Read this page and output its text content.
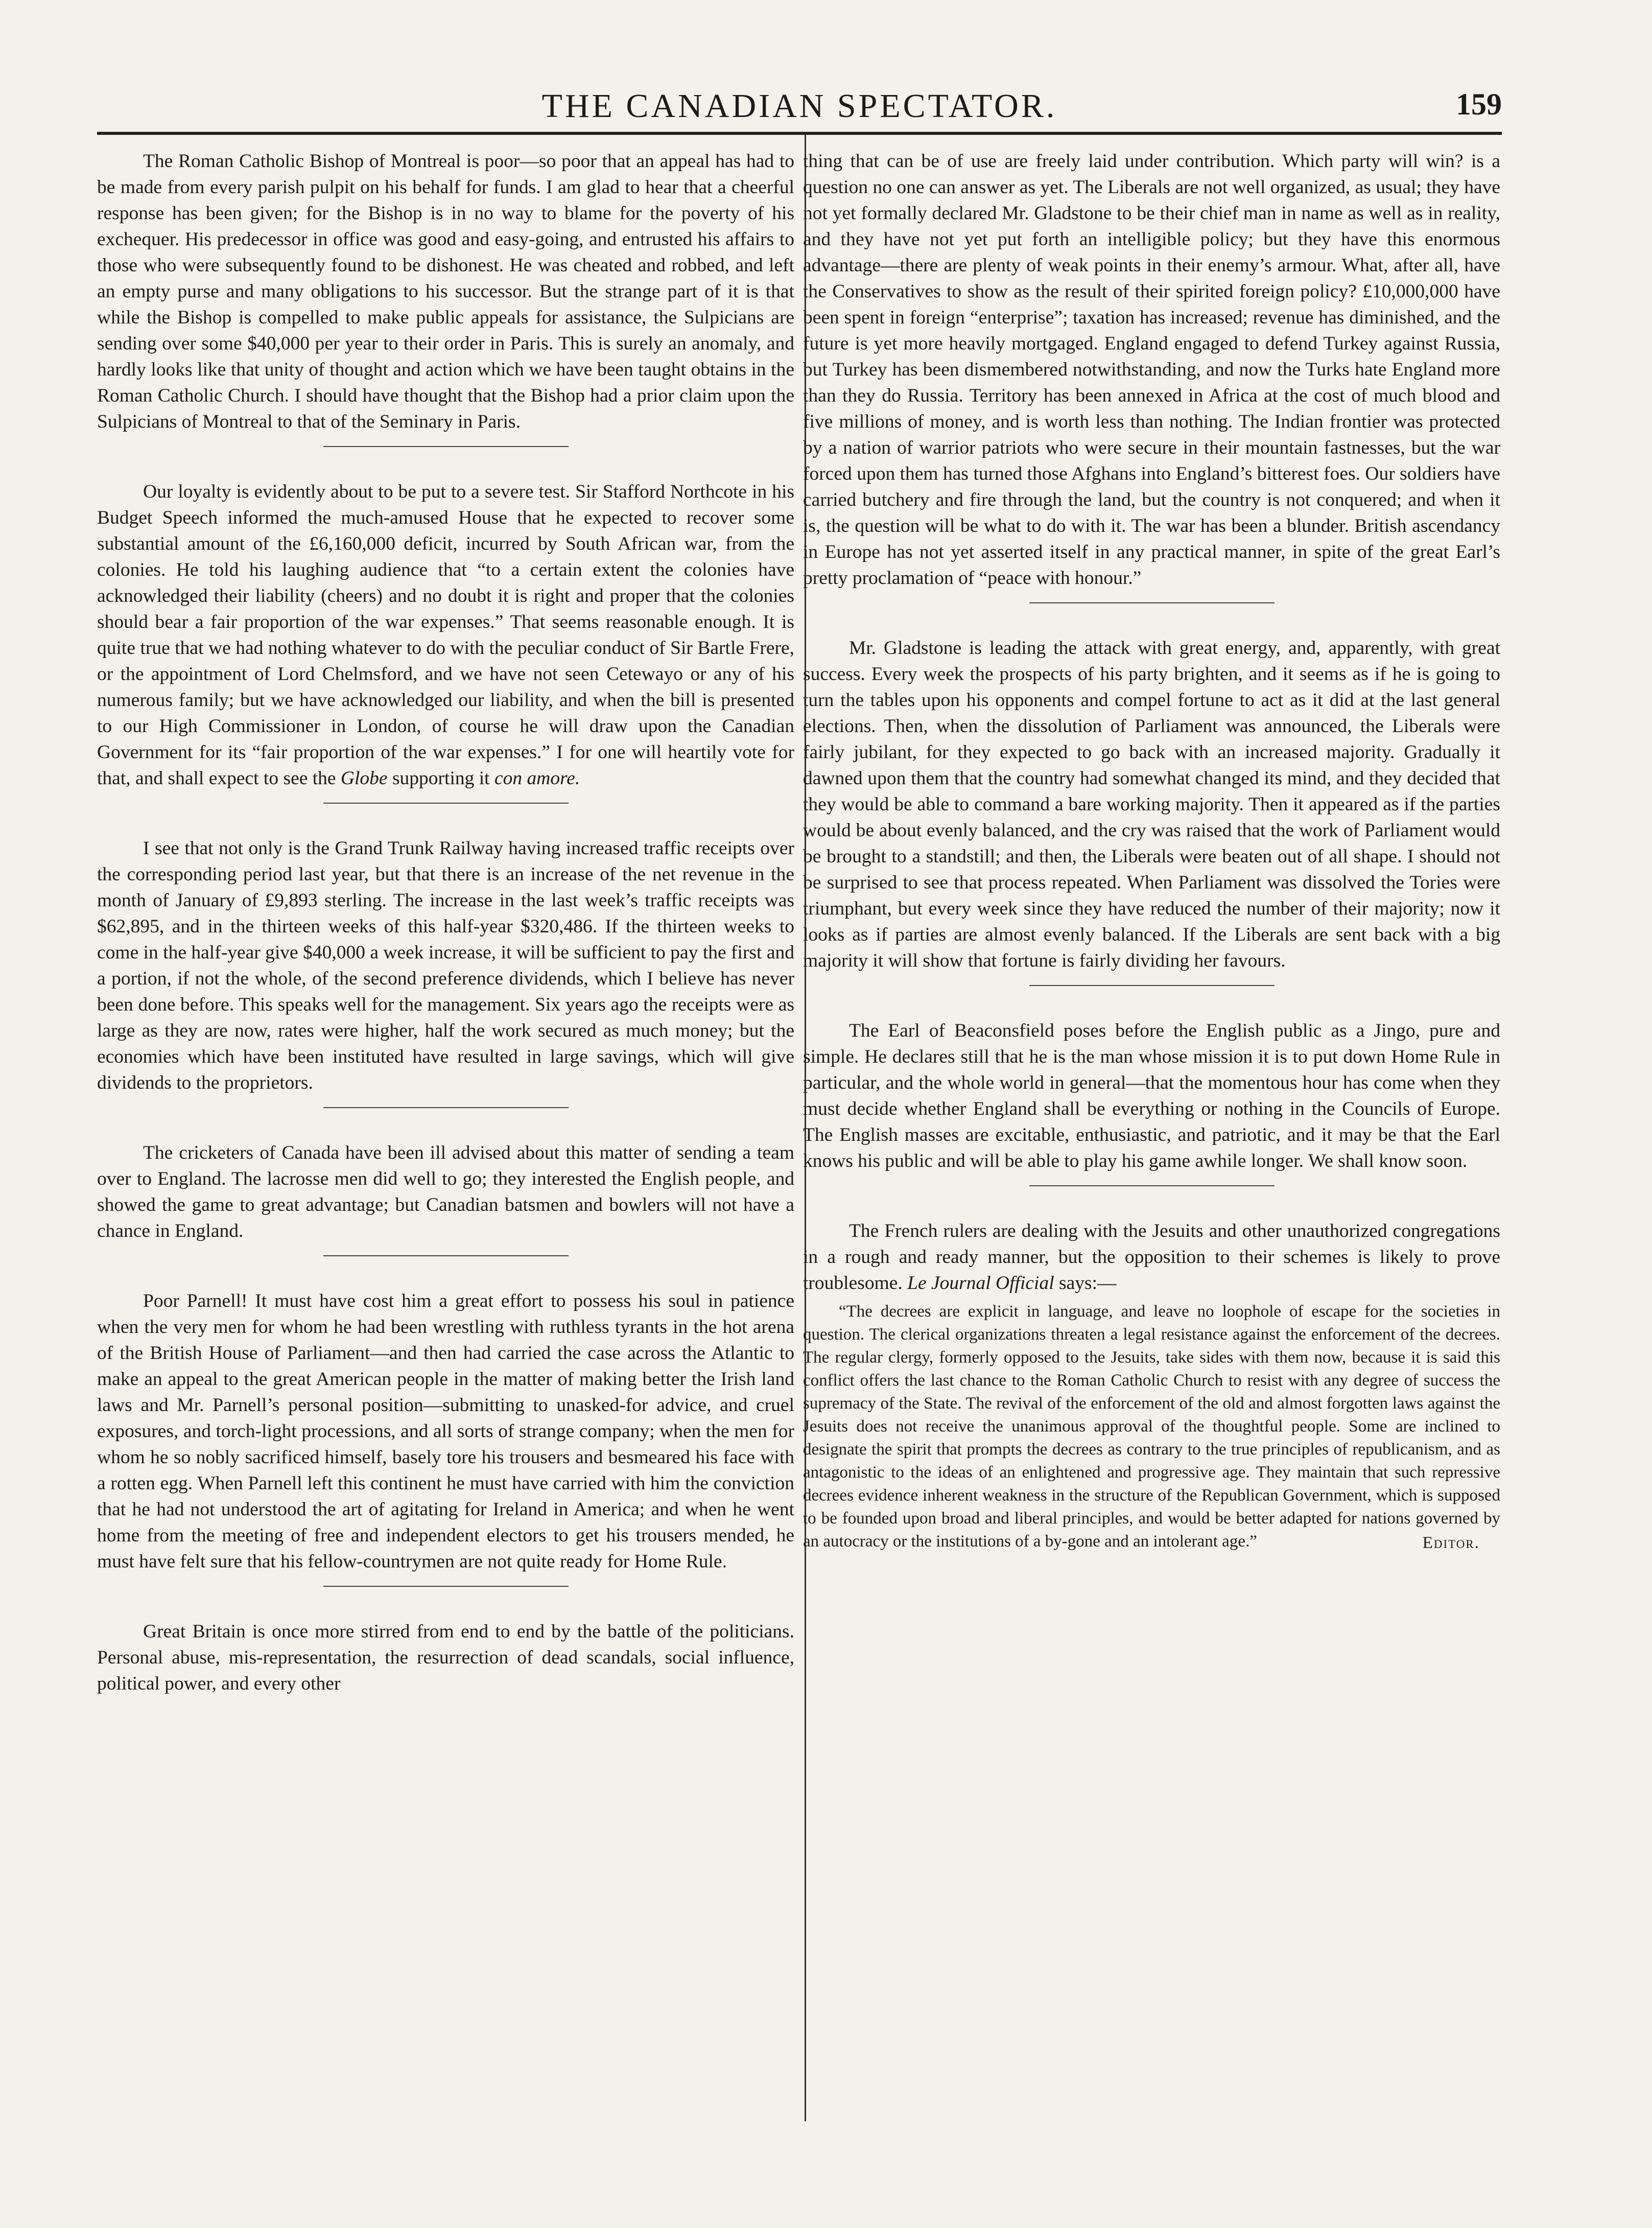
THE CANADIAN SPECTATOR.	159

The Roman Catholic Bishop of Montreal is poor—so poor that an appeal has had to be made from every parish pulpit on his behalf for funds. I am glad to hear that a cheerful response has been given; for the Bishop is in no way to blame for the poverty of his exchequer. His predecessor in office was good and easy-going, and entrusted his affairs to those who were subsequently found to be dishonest. He was cheated and robbed, and left an empty purse and many obligations to his successor. But the strange part of it is that while the Bishop is compelled to make public appeals for assistance, the Sulpicians are sending over some $40,000 per year to their order in Paris. This is surely an anomaly, and hardly looks like that unity of thought and action which we have been taught obtains in the Roman Catholic Church. I should have thought that the Bishop had a prior claim upon the Sulpicians of Montreal to that of the Seminary in Paris.

Our loyalty is evidently about to be put to a severe test. Sir Stafford Northcote in his Budget Speech informed the much-amused House that he expected to recover some substantial amount of the £6,160,000 deficit, incurred by South African war, from the colonies. He told his laughing audience that “to a certain extent the colonies have acknowledged their liability (cheers) and no doubt it is right and proper that the colonies should bear a fair proportion of the war expenses.” That seems reasonable enough. It is quite true that we had nothing whatever to do with the peculiar conduct of Sir Bartle Frere, or the appointment of Lord Chelmsford, and we have not seen Cetewayo or any of his numerous family; but we have acknowledged our liability, and when the bill is presented to our High Commissioner in London, of course he will draw upon the Canadian Government for its “fair proportion of the war expenses.” I for one will heartily vote for that, and shall expect to see the Globe supporting it con amore.

I see that not only is the Grand Trunk Railway having increased traffic receipts over the corresponding period last year, but that there is an increase of the net revenue in the month of January of £9,893 sterling. The increase in the last week’s traffic receipts was $62,895, and in the thirteen weeks of this half-year $320,486. If the thirteen weeks to come in the half-year give $40,000 a week increase, it will be sufficient to pay the first and a portion, if not the whole, of the second preference dividends, which I believe has never been done before. This speaks well for the management. Six years ago the receipts were as large as they are now, rates were higher, half the work secured as much money; but the economies which have been instituted have resulted in large savings, which will give dividends to the proprietors.

The cricketers of Canada have been ill advised about this matter of sending a team over to England. The lacrosse men did well to go; they interested the English people, and showed the game to great advantage; but Canadian batsmen and bowlers will not have a chance in England.

Poor Parnell! It must have cost him a great effort to possess his soul in patience when the very men for whom he had been wrestling with ruthless tyrants in the hot arena of the British House of Parliament—and then had carried the case across the Atlantic to make an appeal to the great American people in the matter of making better the Irish land laws and Mr. Parnell’s personal position—submitting to unasked-for advice, and cruel exposures, and torch-light processions, and all sorts of strange company; when the men for whom he so nobly sacrificed himself, basely tore his trousers and besmeared his face with a rotten egg. When Parnell left this continent he must have carried with him the conviction that he had not understood the art of agitating for Ireland in America; and when he went home from the meeting of free and independent electors to get his trousers mended, he must have felt sure that his fellow-countrymen are not quite ready for Home Rule.

Great Britain is once more stirred from end to end by the battle of the politicians. Personal abuse, mis-representation, the resurrection of dead scandals, social influence, political power, and every other

thing that can be of use are freely laid under contribution. Which party will win? is a question no one can answer as yet. The Liberals are not well organized, as usual; they have not yet formally declared Mr. Gladstone to be their chief man in name as well as in reality, and they have not yet put forth an intelligible policy; but they have this enormous advantage—there are plenty of weak points in their enemy’s armour. What, after all, have the Conservatives to show as the result of their spirited foreign policy? £10,000,000 have been spent in foreign “enterprise”; taxation has increased; revenue has diminished, and the future is yet more heavily mortgaged. England engaged to defend Turkey against Russia, but Turkey has been dismembered notwithstanding, and now the Turks hate England more than they do Russia. Territory has been annexed in Africa at the cost of much blood and five millions of money, and is worth less than nothing. The Indian frontier was protected by a nation of warrior patriots who were secure in their mountain fastnesses, but the war forced upon them has turned those Afghans into England’s bitterest foes. Our soldiers have carried butchery and fire through the land, but the country is not conquered; and when it is, the question will be what to do with it. The war has been a blunder. British ascendancy in Europe has not yet asserted itself in any practical manner, in spite of the great Earl’s pretty proclamation of “peace with honour.”

Mr. Gladstone is leading the attack with great energy, and, apparently, with great success. Every week the prospects of his party brighten, and it seems as if he is going to turn the tables upon his opponents and compel fortune to act as it did at the last general elections. Then, when the dissolution of Parliament was announced, the Liberals were fairly jubilant, for they expected to go back with an increased majority. Gradually it dawned upon them that the country had somewhat changed its mind, and they decided that they would be able to command a bare working majority. Then it appeared as if the parties would be about evenly balanced, and the cry was raised that the work of Parliament would be brought to a standstill; and then, the Liberals were beaten out of all shape. I should not be surprised to see that process repeated. When Parliament was dissolved the Tories were triumphant, but every week since they have reduced the number of their majority; now it looks as if parties are almost evenly balanced. If the Liberals are sent back with a big majority it will show that fortune is fairly dividing her favours.

The Earl of Beaconsfield poses before the English public as a Jingo, pure and simple. He declares still that he is the man whose mission it is to put down Home Rule in particular, and the whole world in general—that the momentous hour has come when they must decide whether England shall be everything or nothing in the Councils of Europe. The English masses are excitable, enthusiastic, and patriotic, and it may be that the Earl knows his public and will be able to play his game awhile longer. We shall know soon.

The French rulers are dealing with the Jesuits and other unauthorized congregations in a rough and ready manner, but the opposition to their schemes is likely to prove troublesome. Le Journal Official says:—

“The decrees are explicit in language, and leave no loophole of escape for the societies in question. The clerical organizations threaten a legal resistance against the enforcement of the decrees. The regular clergy, formerly opposed to the Jesuits, take sides with them now, because it is said this conflict offers the last chance to the Roman Catholic Church to resist with any degree of success the supremacy of the State. The revival of the enforcement of the old and almost forgotten laws against the Jesuits does not receive the unanimous approval of the thoughtful people. Some are inclined to designate the spirit that prompts the decrees as contrary to the true principles of republicanism, and as antagonistic to the ideas of an enlightened and progressive age. They maintain that such repressive decrees evidence inherent weakness in the structure of the Republican Government, which is supposed to be founded upon broad and liberal principles, and would be better adapted for nations governed by an autocracy or the institutions of a by-gone and an intolerant age.”	Editor.
